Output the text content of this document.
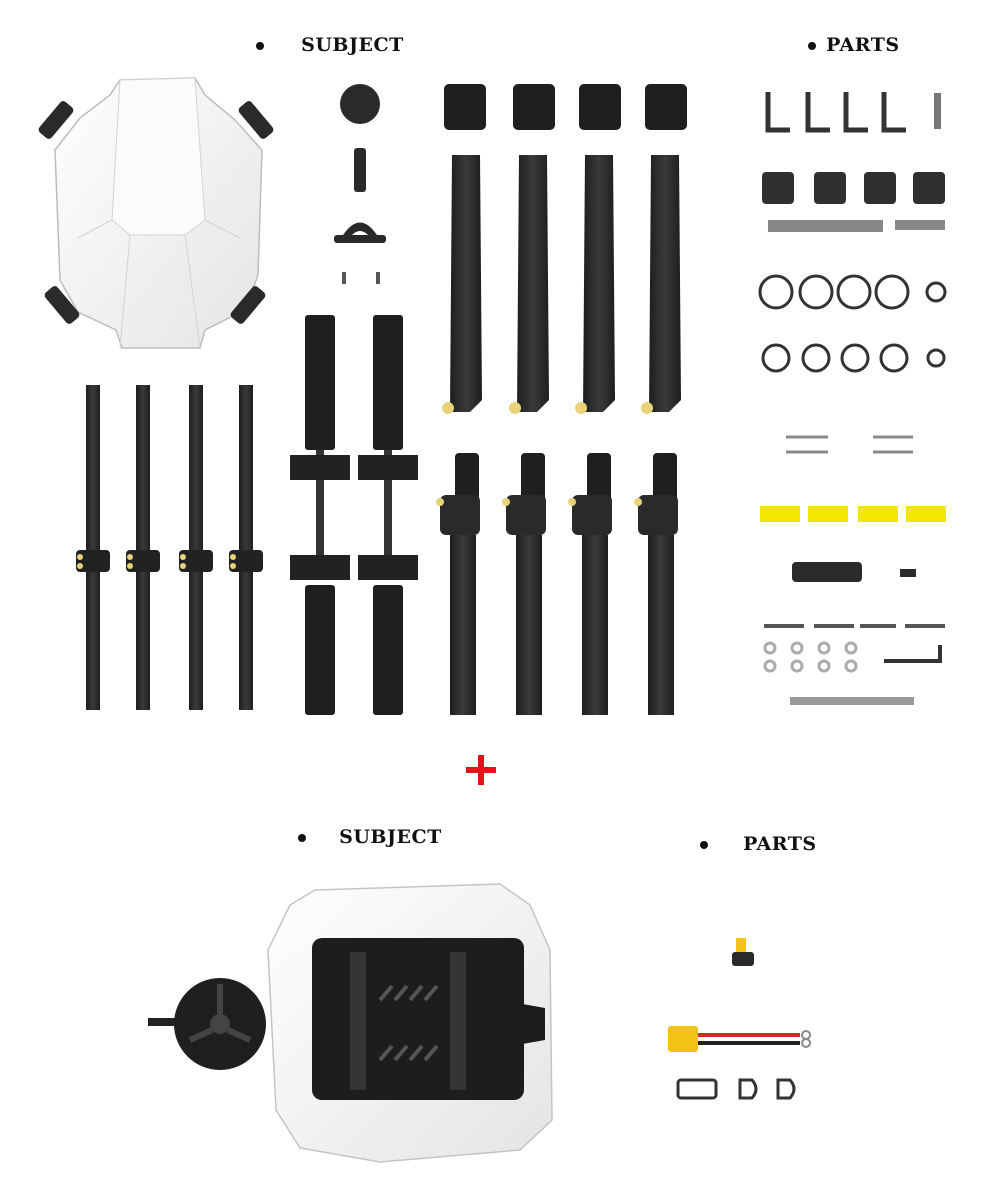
SUBJECT	PARTS
SUBJECT	PARTS
